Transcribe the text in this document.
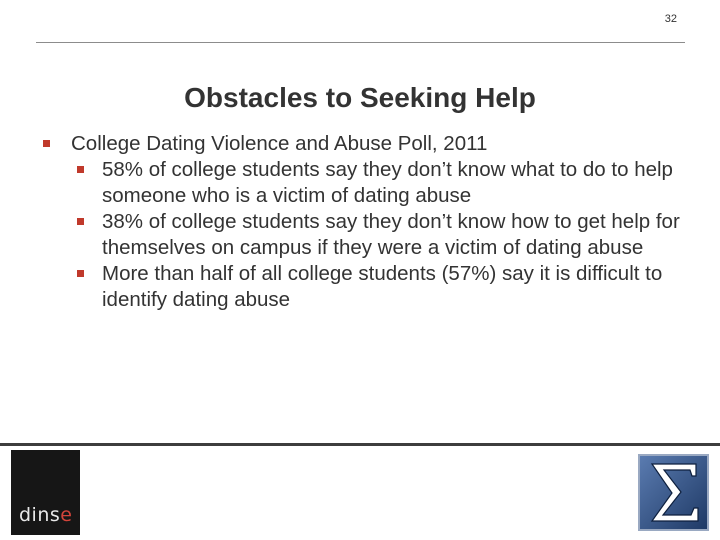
32
Obstacles to Seeking Help
College Dating Violence and Abuse Poll, 2011
58% of college students say they don’t know what to do to help someone who is a victim of dating abuse
38% of college students say they don’t know how to get help for themselves on campus if they were a victim of dating abuse
More than half of all college students (57%) say it is difficult to identify dating abuse
dinse
